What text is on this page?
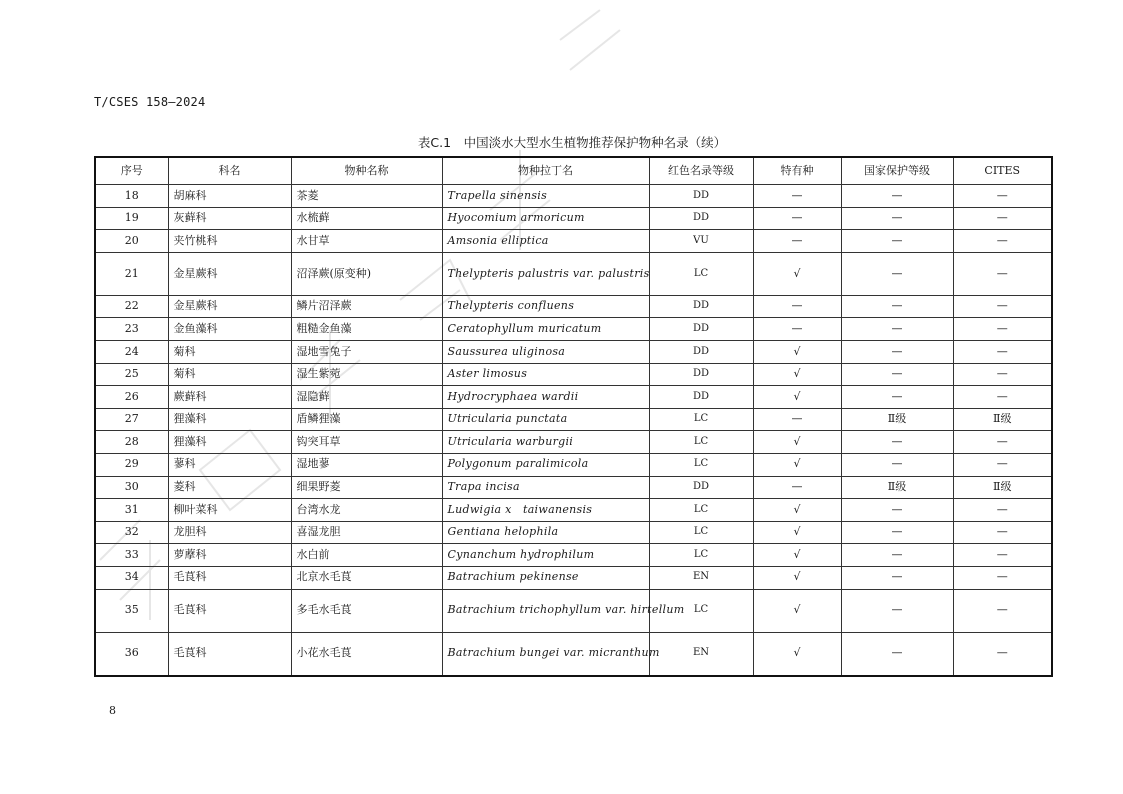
T/CSES 158—2024
表C.1　中国淡水大型水生植物推荐保护物种名录（续）
序号	科名	物种名称	物种拉丁名	红色名录等级	特有种	国家保护等级	CITES
18	胡麻科	茶菱	Trapella sinensis	DD	—	—	—
19	灰藓科	水梳藓	Hyocomium armoricum	DD	—	—	—
20	夹竹桃科	水甘草	Amsonia elliptica	VU	—	—	—
21	金星蕨科	沼泽蕨(原变种)	Thelypteris palustris var. palustris	LC	√	—	—
22	金星蕨科	鳞片沼泽蕨	Thelypteris confluens	DD	—	—	—
23	金鱼藻科	粗糙金鱼藻	Ceratophyllum muricatum	DD	—	—	—
24	菊科	湿地雪兔子	Saussurea uliginosa	DD	√	—	—
25	菊科	湿生紫菀	Aster limosus	DD	√	—	—
26	蕨藓科	湿隐藓	Hydrocryphaea wardii	DD	√	—	—
27	狸藻科	盾鳞狸藻	Utricularia punctata	LC	—	Ⅱ级	Ⅱ级
28	狸藻科	钩突耳草	Utricularia warburgii	LC	√	—	—
29	蓼科	湿地蓼	Polygonum paralimicola	LC	√	—	—
30	菱科	细果野菱	Trapa incisa	DD	—	Ⅱ级	Ⅱ级
31	柳叶菜科	台湾水龙	Ludwigia x　taiwanensis	LC	√	—	—
32	龙胆科	喜湿龙胆	Gentiana helophila	LC	√	—	—
33	萝藦科	水白前	Cynanchum hydrophilum	LC	√	—	—
34	毛茛科	北京水毛茛	Batrachium pekinense	EN	√	—	—
35	毛茛科	多毛水毛茛	Batrachium trichophyllum var. hirtellum	LC	√	—	—
36	毛茛科	小花水毛茛	Batrachium bungei var. micranthum	EN	√	—	—
8
